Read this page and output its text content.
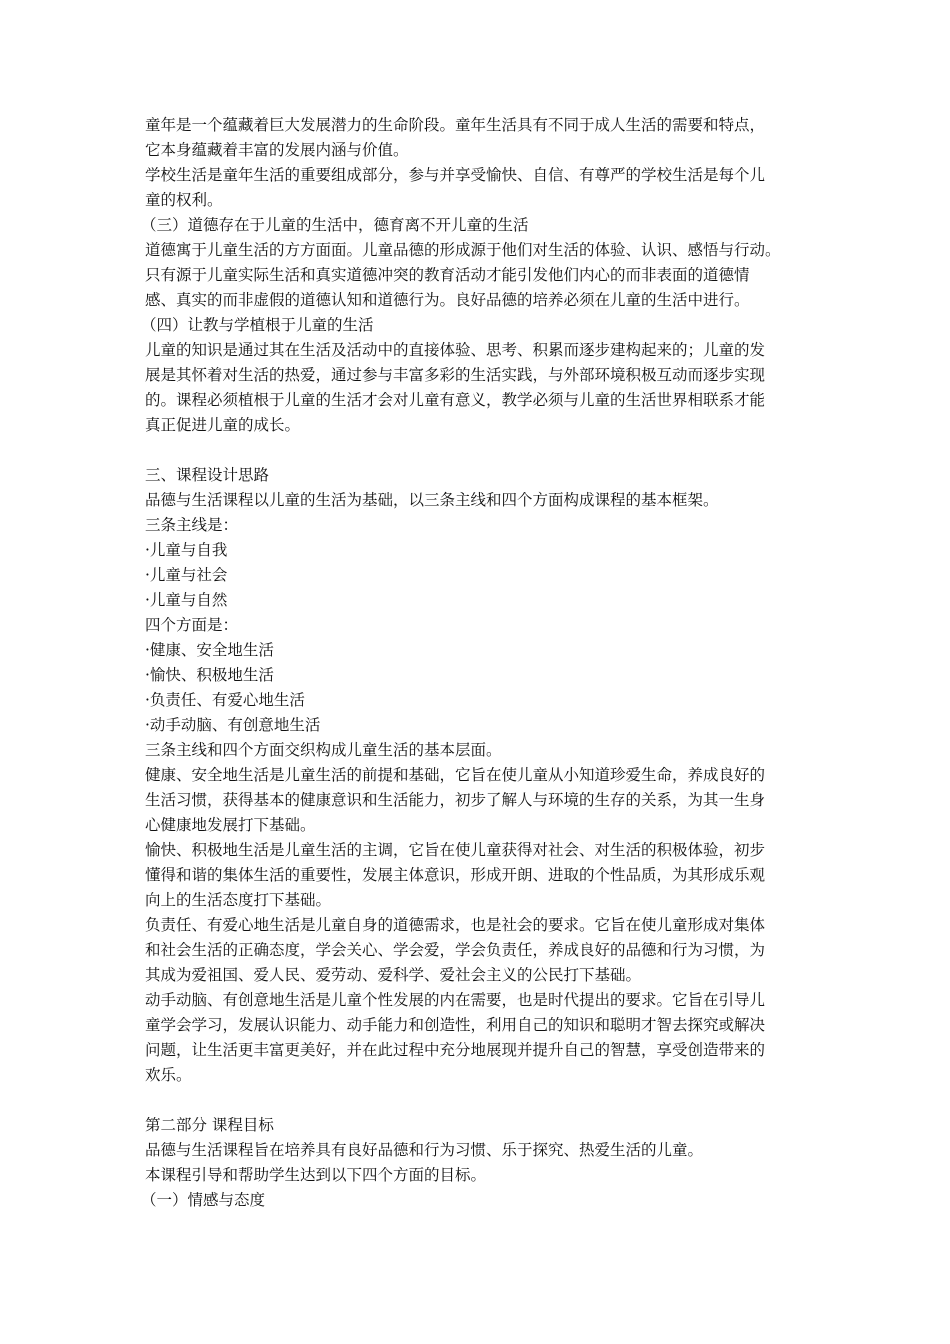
童年是一个蕴藏着巨大发展潜力的生命阶段。童年生活具有不同于成人生活的需要和特点，
它本身蕴藏着丰富的发展内涵与价值。
学校生活是童年生活的重要组成部分，参与并享受愉快、自信、有尊严的学校生活是每个儿
童的权利。
（三）道德存在于儿童的生活中，德育离不开儿童的生活
道德寓于儿童生活的方方面面。儿童品德的形成源于他们对生活的体验、认识、感悟与行动。
只有源于儿童实际生活和真实道德冲突的教育活动才能引发他们内心的而非表面的道德情
感、真实的而非虚假的道德认知和道德行为。良好品德的培养必须在儿童的生活中进行。
（四）让教与学植根于儿童的生活
儿童的知识是通过其在生活及活动中的直接体验、思考、积累而逐步建构起来的；儿童的发
展是其怀着对生活的热爱，通过参与丰富多彩的生活实践，与外部环境积极互动而逐步实现
的。课程必须植根于儿童的生活才会对儿童有意义，教学必须与儿童的生活世界相联系才能
真正促进儿童的成长。
三、课程设计思路
品德与生活课程以儿童的生活为基础，以三条主线和四个方面构成课程的基本框架。
三条主线是：
·儿童与自我
·儿童与社会
·儿童与自然
四个方面是：
·健康、安全地生活
·愉快、积极地生活
·负责任、有爱心地生活
·动手动脑、有创意地生活
三条主线和四个方面交织构成儿童生活的基本层面。
健康、安全地生活是儿童生活的前提和基础，它旨在使儿童从小知道珍爱生命，养成良好的
生活习惯，获得基本的健康意识和生活能力，初步了解人与环境的生存的关系，为其一生身
心健康地发展打下基础。
愉快、积极地生活是儿童生活的主调，它旨在使儿童获得对社会、对生活的积极体验，初步
懂得和谐的集体生活的重要性，发展主体意识，形成开朗、进取的个性品质，为其形成乐观
向上的生活态度打下基础。
负责任、有爱心地生活是儿童自身的道德需求，也是社会的要求。它旨在使儿童形成对集体
和社会生活的正确态度，学会关心、学会爱，学会负责任，养成良好的品德和行为习惯，为
其成为爱祖国、爱人民、爱劳动、爱科学、爱社会主义的公民打下基础。
动手动脑、有创意地生活是儿童个性发展的内在需要，也是时代提出的要求。它旨在引导儿
童学会学习，发展认识能力、动手能力和创造性，利用自己的知识和聪明才智去探究或解决
问题，让生活更丰富更美好，并在此过程中充分地展现并提升自己的智慧，享受创造带来的
欢乐。
第二部分 课程目标
品德与生活课程旨在培养具有良好品德和行为习惯、乐于探究、热爱生活的儿童。
本课程引导和帮助学生达到以下四个方面的目标。
（一）情感与态度
